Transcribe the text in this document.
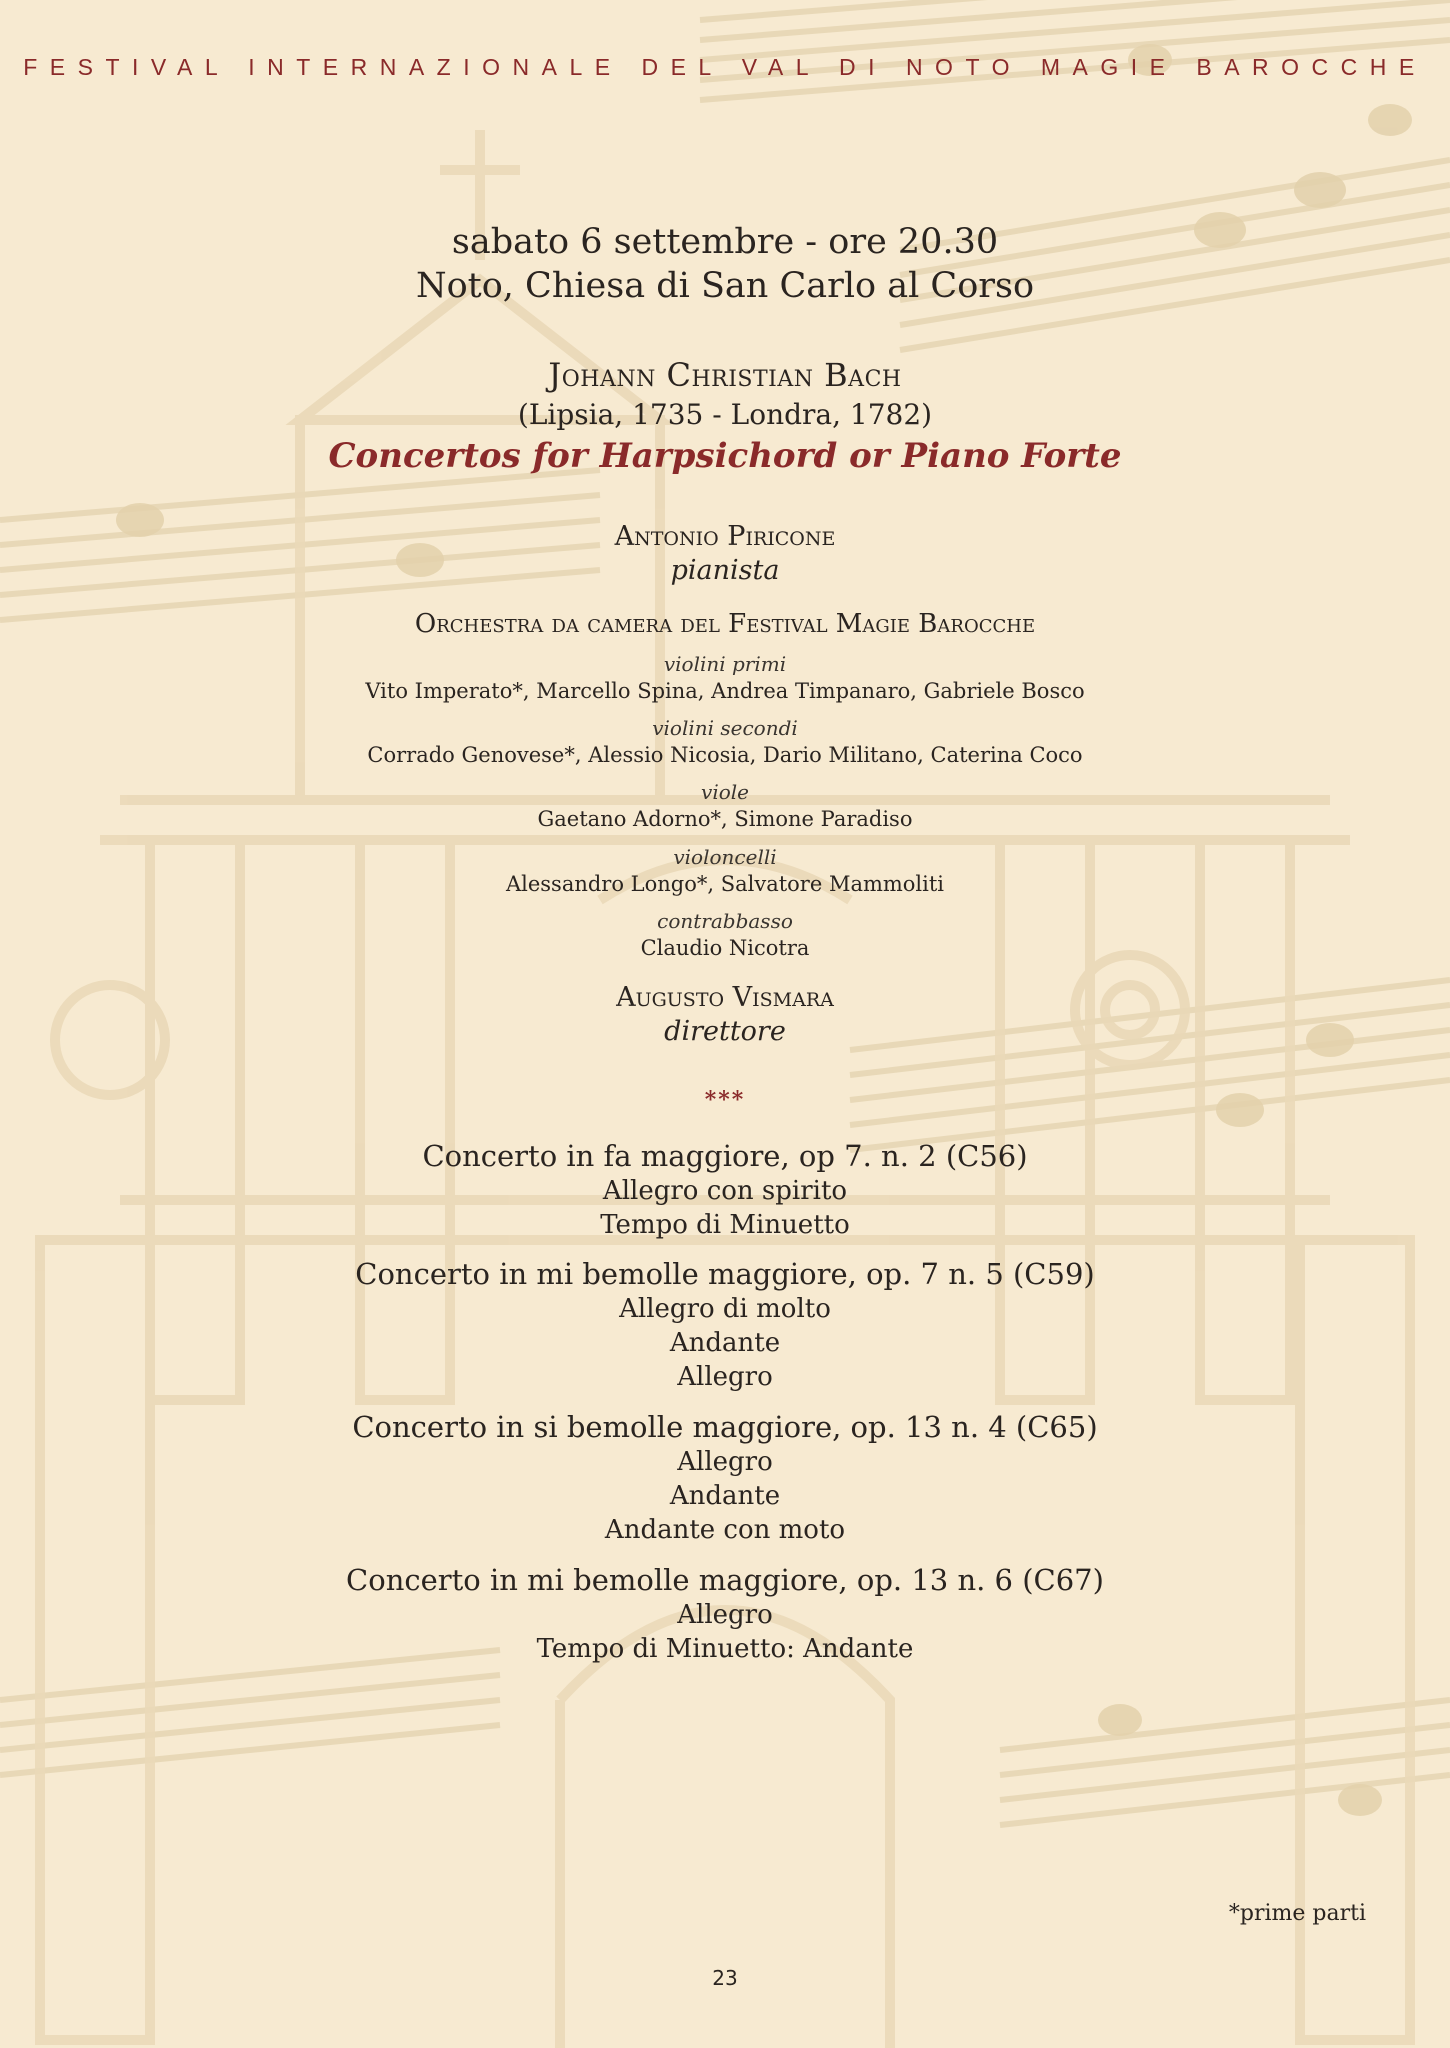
FESTIVAL INTERNAZIONALE DEL VAL DI NOTO MAGIE BAROCCHE
sabato 6 settembre - ore 20.30
Noto, Chiesa di San Carlo al Corso
Johann Christian Bach
(Lipsia, 1735 - Londra, 1782)
Concertos for Harpsichord or Piano Forte
Antonio Piricone
pianista
Orchestra da camera del Festival Magie Barocche
violini primi
Vito Imperato*, Marcello Spina, Andrea Timpanaro, Gabriele Bosco
violini secondi
Corrado Genovese*, Alessio Nicosia, Dario Militano, Caterina Coco
viole
Gaetano Adorno*, Simone Paradiso
violoncelli
Alessandro Longo*, Salvatore Mammoliti
contrabbasso
Claudio Nicotra
Augusto Vismara
direttore
***
Concerto in fa maggiore, op 7. n. 2 (C56)
Allegro con spirito
Tempo di Minuetto
Concerto in mi bemolle maggiore, op. 7 n. 5 (C59)
Allegro di molto
Andante
Allegro
Concerto in si bemolle maggiore, op. 13 n. 4 (C65)
Allegro
Andante
Andante con moto
Concerto in mi bemolle maggiore, op. 13 n. 6 (C67)
Allegro
Tempo di Minuetto: Andante
*prime parti
23
